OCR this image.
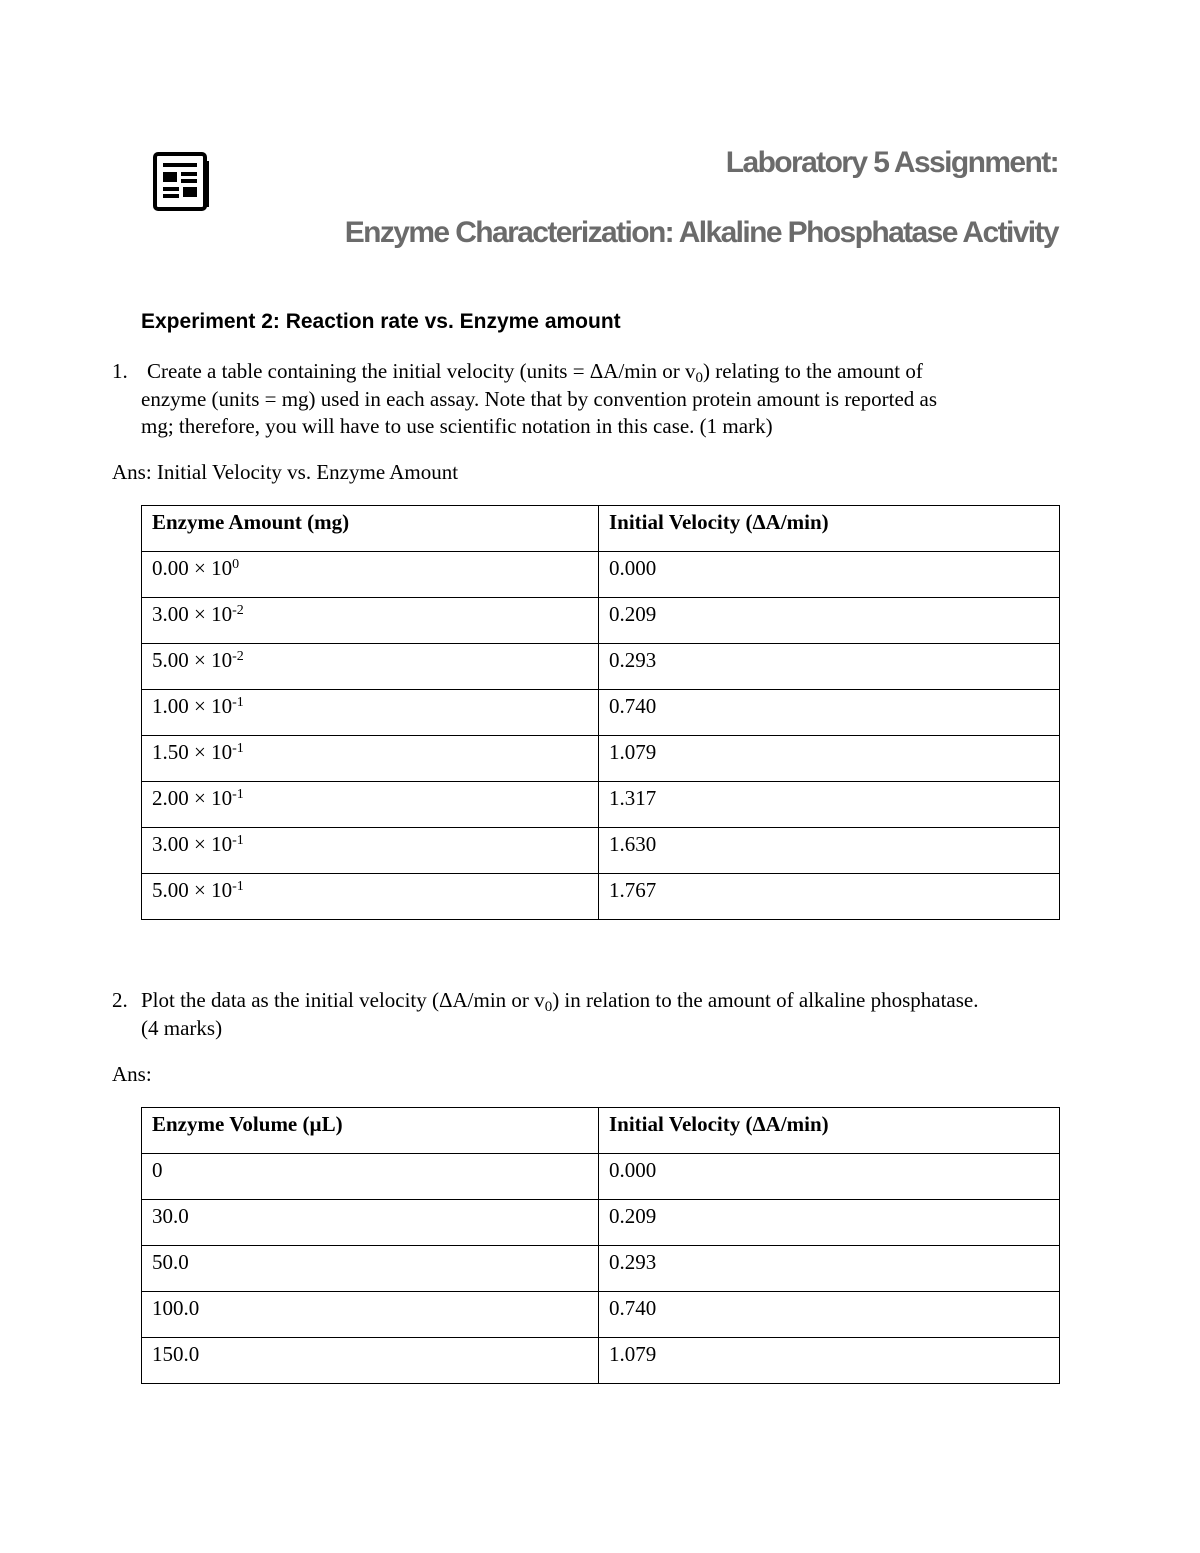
Laboratory 5 Assignment:
Enzyme Characterization: Alkaline Phosphatase Activity
Experiment 2: Reaction rate vs. Enzyme amount
1. Create a table containing the initial velocity (units = ΔA/min or $v_0$) relating to the amount of
enzyme (units = mg) used in each assay. Note that by convention protein amount is reported as
mg; therefore, you will have to use scientific notation in this case. (1 mark)

Ans: Initial Velocity vs. Enzyme Amount

Enzyme Amount (mg)	Initial Velocity (ΔA/min)
$0.00 \times 10^0$	0.000
$3.00 \times 10^{-2}$	0.209
$5.00 \times 10^{-2}$	0.293
$1.00 \times 10^{-1}$	0.740
$1.50 \times 10^{-1}$	1.079
$2.00 \times 10^{-1}$	1.317
$3.00 \times 10^{-1}$	1.630
$5.00 \times 10^{-1}$	1.767
2. Plot the data as the initial velocity (ΔA/min or $v_0$) in relation to the amount of alkaline phosphatase.
(4 marks)

Ans:

Enzyme Volume (µL)	Initial Velocity (ΔA/min)
0	0.000
30.0	0.209
50.0	0.293
100.0	0.740
150.0	1.079
